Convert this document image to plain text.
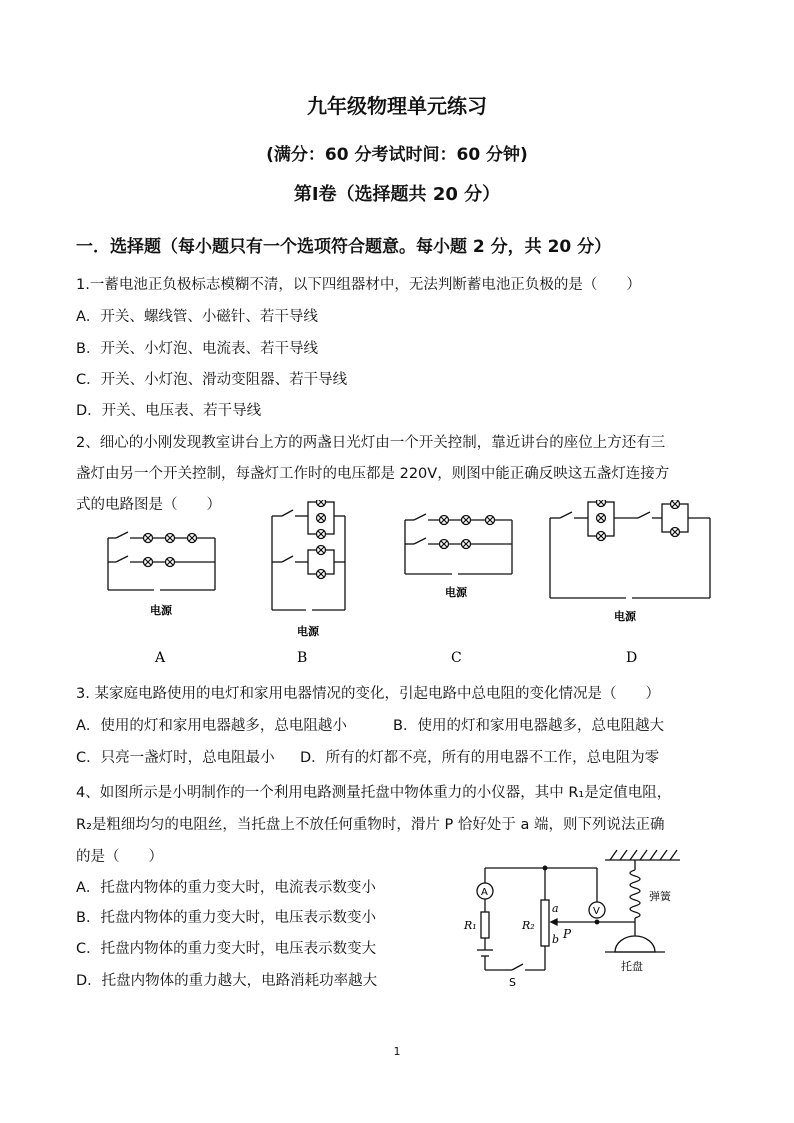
九年级物理单元练习
(满分：60 分考试时间：60 分钟)
第Ⅰ卷（选择题共 20 分）
一．选择题（每小题只有一个选项符合题意。每小题 2 分，共 20 分）
1.一蓄电池正负极标志模糊不清，以下四组器材中，无法判断蓄电池正负极的是（　　）
A．开关、螺线管、小磁针、若干导线
B．开关、小灯泡、电流表、若干导线
C．开关、小灯泡、滑动变阻器、若干导线
D．开关、电压表、若干导线
2、细心的小刚发现教室讲台上方的两盏日光灯由一个开关控制，靠近讲台的座位上方还有三
盏灯由另一个开关控制，每盏灯工作时的电压都是 220V，则图中能正确反映这五盏灯连接方
式的电路图是（　　）
电源
电源
电源
电源
A	B	C	D
3. 某家庭电路使用的电灯和家用电器情况的变化，引起电路中总电阻的变化情况是（　　）
A．使用的灯和家用电器越多，总电阻越小	B．使用的灯和家用电器越多，总电阻越大
C．只亮一盏灯时，总电阻最小 D．所有的灯都不亮，所有的用电器不工作，总电阻为零
4、如图所示是小明制作的一个利用电路测量托盘中物体重力的小仪器，其中 R₁是定值电阻，
R₂是粗细均匀的电阻丝，当托盘上不放任何重物时，滑片 P 恰好处于 a 端，则下列说法正确
的是（　　）
A．托盘内物体的重力变大时，电流表示数变小
B．托盘内物体的重力变大时，电压表示数变小
C．托盘内物体的重力变大时，电压表示数变大
D．托盘内物体的重力越大，电路消耗功率越大
A
V
R₁	R₂
a
b P
S
弹簧
托盘
1
